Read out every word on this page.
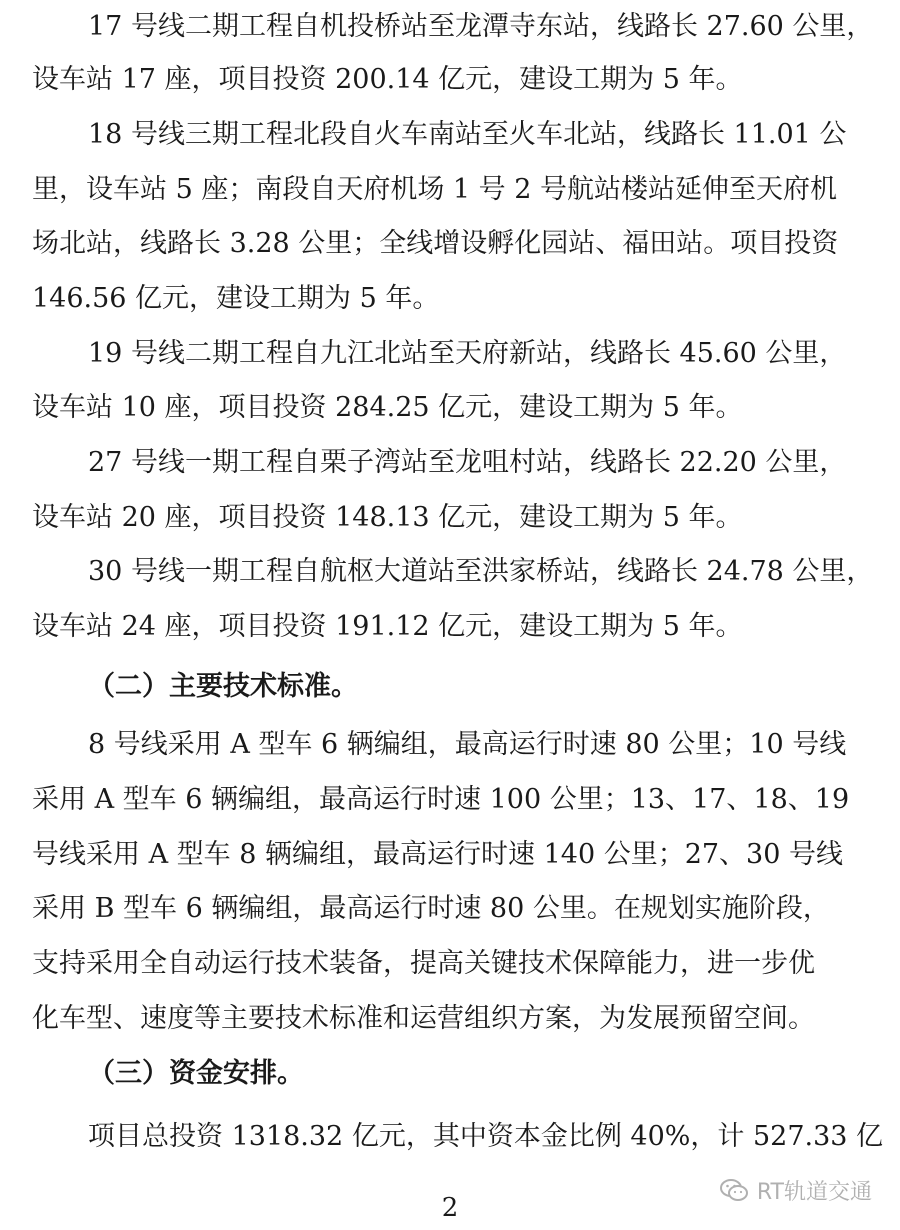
17 号线二期工程自机投桥站至龙潭寺东站，线路长 27.60 公里，
设车站 17 座，项目投资 200.14 亿元，建设工期为 5 年。
18 号线三期工程北段自火车南站至火车北站，线路长 11.01 公
里，设车站 5 座；南段自天府机场 1 号 2 号航站楼站延伸至天府机
场北站，线路长 3.28 公里；全线增设孵化园站、福田站。项目投资
146.56 亿元，建设工期为 5 年。
19 号线二期工程自九江北站至天府新站，线路长 45.60 公里，
设车站 10 座，项目投资 284.25 亿元，建设工期为 5 年。
27 号线一期工程自栗子湾站至龙咀村站，线路长 22.20 公里，
设车站 20 座，项目投资 148.13 亿元，建设工期为 5 年。
30 号线一期工程自航枢大道站至洪家桥站，线路长 24.78 公里，
设车站 24 座，项目投资 191.12 亿元，建设工期为 5 年。
（二）主要技术标准。
8 号线采用 A 型车 6 辆编组，最高运行时速 80 公里；10 号线
采用 A 型车 6 辆编组，最高运行时速 100 公里；13、17、18、19
号线采用 A 型车 8 辆编组，最高运行时速 140 公里；27、30 号线
采用 B 型车 6 辆编组，最高运行时速 80 公里。在规划实施阶段，
支持采用全自动运行技术装备，提高关键技术保障能力，进一步优
化车型、速度等主要技术标准和运营组织方案，为发展预留空间。
（三）资金安排。
项目总投资 1318.32 亿元，其中资本金比例 40%，计 527.33 亿
2
RT轨道交通
